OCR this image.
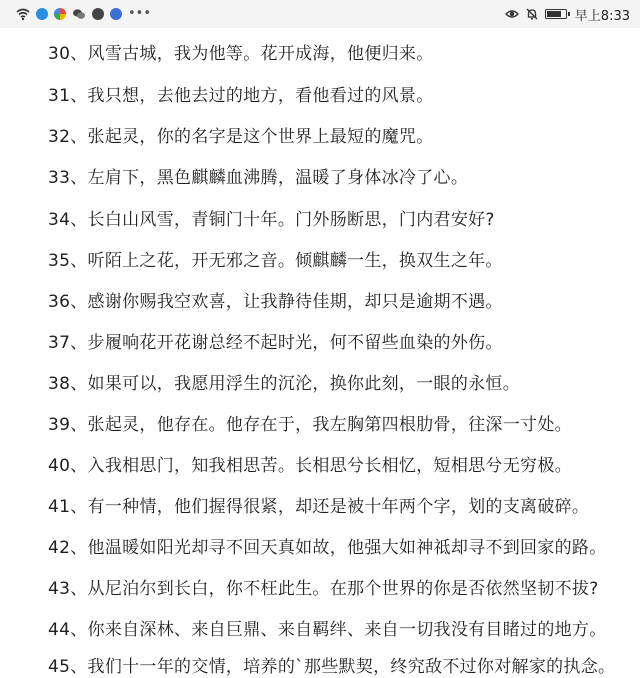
•••	早上8:33
30、风雪古城，我为他等。花开成海，他便归来。
31、我只想，去他去过的地方，看他看过的风景。
32、张起灵，你的名字是这个世界上最短的魔咒。
33、左肩下，黑色麒麟血沸腾，温暖了身体冰冷了心。
34、长白山风雪，青铜门十年。门外肠断思，门内君安好?
35、听陌上之花，开无邪之音。倾麒麟一生，换双生之年。
36、感谢你赐我空欢喜，让我静待佳期，却只是逾期不遇。
37、步履响花开花谢总经不起时光，何不留些血染的外伤。
38、如果可以，我愿用浮生的沉沦，换你此刻，一眼的永恒。
39、张起灵，他存在。他存在于，我左胸第四根肋骨，往深一寸处。
40、入我相思门，知我相思苦。长相思兮长相忆，短相思兮无穷极。
41、有一种情，他们握得很紧，却还是被十年两个字，划的支离破碎。
42、他温暖如阳光却寻不回天真如故，他强大如神祗却寻不到回家的路。
43、从尼泊尔到长白，你不枉此生。在那个世界的你是否依然坚韧不拔?
44、你来自深林、来自巨鼎、来自羁绊、来自一切我没有目睹过的地方。
45、我们十一年的交情，培养的`那些默契，终究敌不过你对解家的执念。
